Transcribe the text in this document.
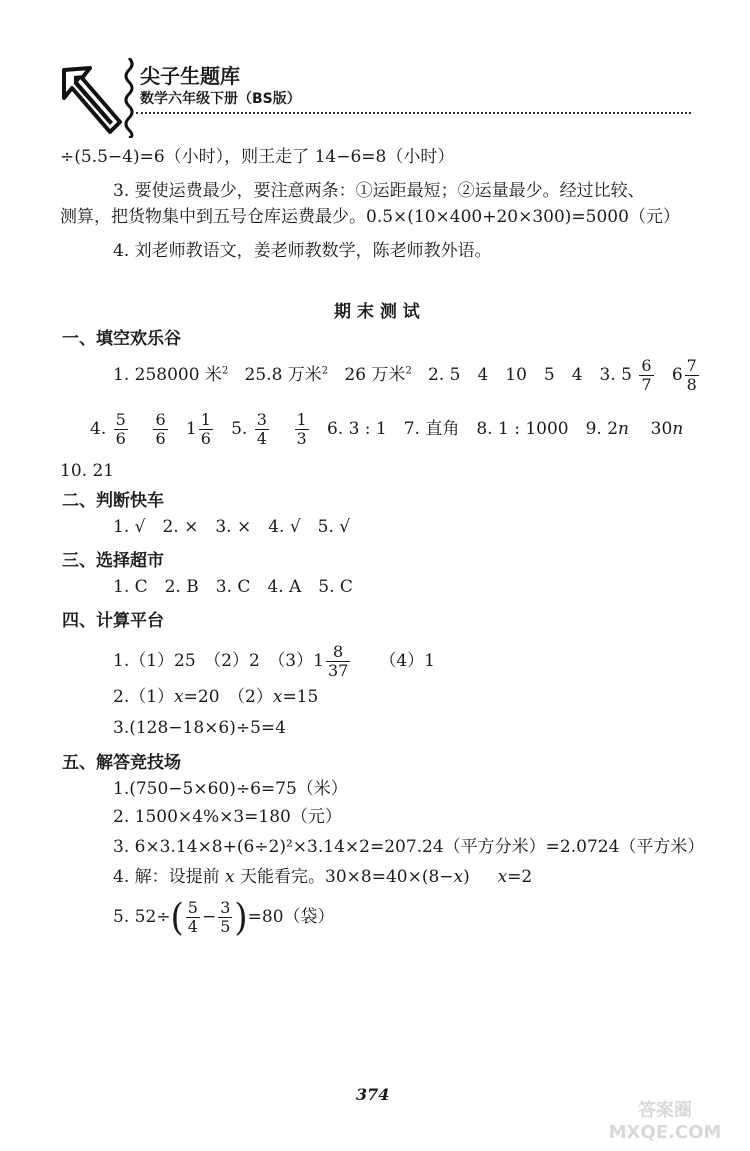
尖子生题库
数学六年级下册（BS版）
÷(5.5−4)=6（小时），则王走了 14−6=8（小时）
3. 要使运费最少，要注意两条：①运距最短；②运量最少。经过比较、
测算，把货物集中到五号仓库运费最少。0.5×(10×400+20×300)=5000（元）
4. 刘老师教语文，姜老师教数学，陈老师教外语。
期 末 测 试
一、填空欢乐谷
1. 258000 米$^2$ 25.8 万米$^2$ 26 万米$^2$ 2. 5　4　10　5　4　3. $5 \frac{6}{7} 6 \frac{7}{8}$
4. $\frac{5}{6}$
$\frac{6}{6} 1 \frac{1}{6} 5$. $\frac{3}{4}$
$\frac{1}{3} 6$. 3 : 1　7. 直角　8. 1 : 1000　9. 2n 30n
10. 21
二、判断快车
1. √　2. ×　3. ×　4. √　5. √
三、选择超市
1. C　2. B　3. C　4. A　5. C
四、计算平台
1.（1）25　（2）2　$(3)1 \frac{8}{37} (4)1$
2.（1）x=20　（2）x=15
3.(128−18×6)÷5=4
五、解答竞技场
1.(750−5×60)÷6=75（米）
2. 1500×4%×3=180（元）
3. 6×3.14×8+(6÷2)²×3.14×2=207.24（平方分米）=2.0724（平方米）
4. 解：设提前 x 天能看完。30×8=40×(8−x)　  x=2
5. $52\div( \frac{5}{4} - \frac{3}{5} )=80$（袋）
374
答案圈 MXQE.COM
